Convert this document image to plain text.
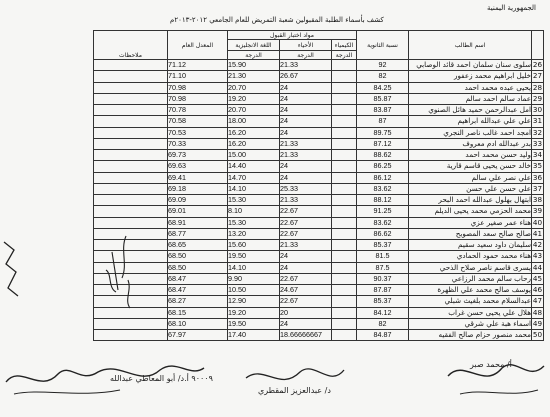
الجمهورية اليمنية
كشف بأسماء الطلبة المقبولين شعبة التمريض للعام الجامعي ٢٠١٢-٢٠١٣م
	اسم الطالب	نسبة الثانوية	مواد اختبار القبول			المعدل العام	ملاحظات
			الكيمياء	الأحياء	اللغة الانجليزية		
			الدرجة	الدرجة	الدرجة		
26	سلوى سنان سلمان احمد قائد الوصابي	92		21.33	15.90	71.12	
27	خليل ابراهيم محمد زعفور	82		26.67	21.30	71.10	
28	يحيى عبده محمد احمد	84.25		24	20.70	70.98	
29	عماد سالم احمد سالم	85.87		24	19.20	70.98	
30	امل عبدالرحمن حميد هائل الصنوي	83.87		24	20.70	70.78	
31	علي علي عبدالله ابراهيم	87		24	18.00	70.58	
32	امجد احمد غالب ناصر النجري	89.75		24	16.20	70.53	
33	بدر عبدالله ادم معروف	87.12		21.33	16.20	70.33	
34	وليد حسن محمد احمد	88.62		21.33	15.00	69.73	
35	خالد حسن يحيى قاسم قارية	86.25		24	14.40	69.63	
36	علي نصر علي سالم	86.12		24	14.70	69.41	
37	علي حسن علي حسن	83.62		25.33	14.10	69.18	
38	ابتهال بهلول عبدالله احمد البحر	88.12		21.33	15.30	69.09	
39	محمد الحزمي محمد يحيى الديلم	91.25		22.67	8.10	69.01	
40	هناء عمر صغير عزي	83.62		22.67	15.30	68.91	
41	صالح صالح سعد المصوبح	86.62		22.67	13.20	68.77	
42	سليمان داود سعيد سقيم	85.37		21.33	15.60	68.65	
43	هناء محمد حمود الحمادي	81.5		24	19.50	68.50	
44	يسرى قاسم ناصر صلاح الذحي	87.5		24	14.10	68.50	
45	رحاب سالم محمد الرزاعي	90.37		22.67	9.90	68.47	
46	يوسف صالح محمد علي الظهرة	87.87		24.67	10.50	68.47	
47	عبدالسلام محمد بلغيث شبلي	85.37		22.67	12.90	68.27	
48	هلال علي يحيى حسن غراب	84.12		20	19.20	68.15	
49	اسماء هبة علي شرقي	82		24	19.50	68.10	
50	محمد منصور حزام صالح الفقيه	84.87		18.66666667	17.40	67.97	
٩٠٠٠٩ أ.د/ أبو المعاطي عبدالله
د/ عبدالعزيز المقطري
أ/ محمد صبر
